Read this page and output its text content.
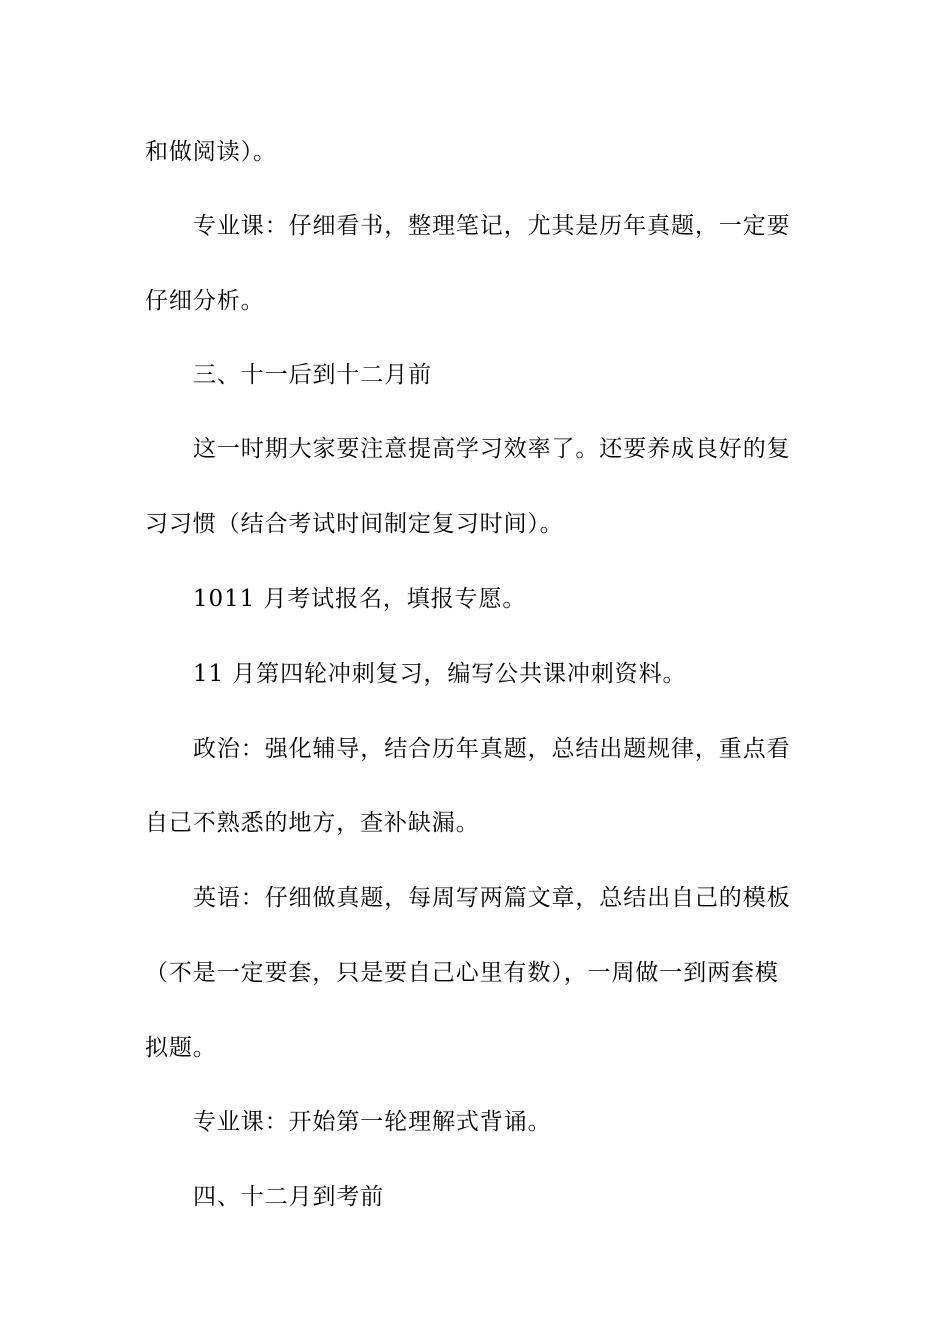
和做阅读）。
专业课：仔细看书，整理笔记，尤其是历年真题，一定要
仔细分析。
三、十一后到十二月前
这一时期大家要注意提高学习效率了。还要养成良好的复
习习惯（结合考试时间制定复习时间）。
1011 月考试报名，填报专愿。
11 月第四轮冲刺复习，编写公共课冲刺资料。
政治：强化辅导，结合历年真题，总结出题规律，重点看
自己不熟悉的地方，查补缺漏。
英语：仔细做真题，每周写两篇文章，总结出自己的模板
（不是一定要套，只是要自己心里有数），一周做一到两套模
拟题。
专业课：开始第一轮理解式背诵。
四、十二月到考前
